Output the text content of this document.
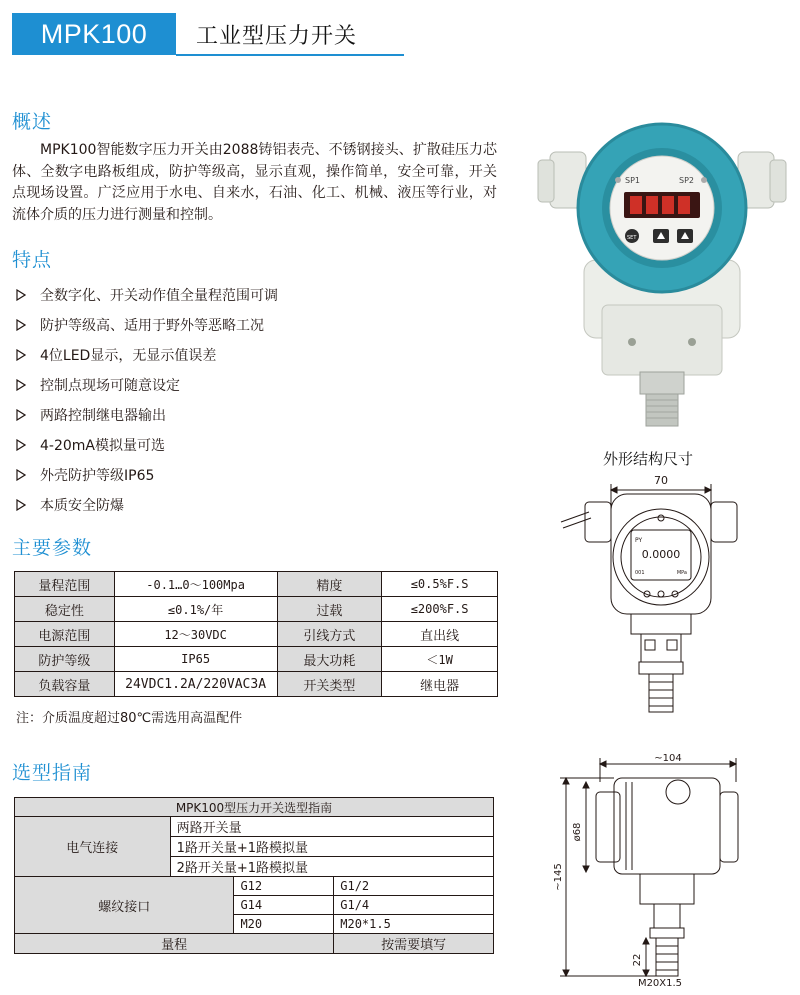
MPK100	工业型压力开关
概述

MPK100智能数字压力开关由2088铸铝表壳、不锈钢接头、扩散硅压力芯体、全数字电路板组成，防护等级高，显示直观，操作简单，安全可靠，开关点现场设置。广泛应用于水电、自来水，石油、化工、机械、液压等行业，对流体介质的压力进行测量和控制。

特点
全数字化、开关动作值全量程范围可调
防护等级高、适用于野外等恶略工况
4位LED显示，无显示值误差
控制点现场可随意设定
两路控制继电器输出
4-20mA模拟量可选
外壳防护等级IP65
本质安全防爆
主要参数
量程范围	-0.1…0～100Mpa	精度	≤0.5%F.S
稳定性	≤0.1%/年	过载	≤200%F.S
电源范围	12～30VDC	引线方式	直出线
防护等级	IP65	最大功耗	＜1W
负载容量	24VDC1.2A/220VAC3A	开关类型	继电器
注：介质温度超过80℃需选用高温配件
选型指南
MPK100型压力开关选型指南			
电气连接	两路开关量		
	1路开关量+1路模拟量		
	2路开关量+1路模拟量		
螺纹接口		G12	G1/2
		G14	G1/4
		M20	M20*1.5
量程			按需要填写
SP1	SP2
SET
外形结构尺寸
70
PY
0.0000
001	MPa
~104
ø68
~145
22
M20X1.5
